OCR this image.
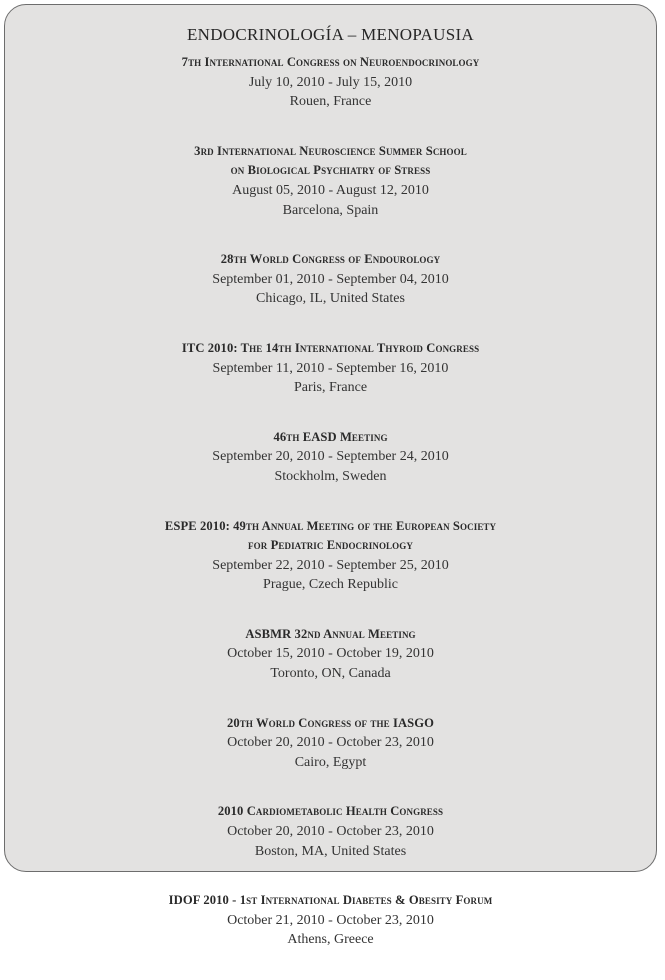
ENDOCRINOLOGÍA – MENOPAUSIA
7th International Congress on Neuroendocrinology
July 10, 2010 - July 15, 2010
Rouen, France
3rd International Neuroscience Summer School
on Biological Psychiatry of Stress
August 05, 2010 - August 12, 2010
Barcelona, Spain
28th World Congress of Endourology
September 01, 2010 - September 04, 2010
Chicago, IL, United States
ITC 2010: The 14th International Thyroid Congress
September 11, 2010 - September 16, 2010
Paris, France
46th EASD Meeting
September 20, 2010 - September 24, 2010
Stockholm, Sweden
ESPE 2010: 49th Annual Meeting of the European Society
for Pediatric Endocrinology
September 22, 2010 - September 25, 2010
Prague, Czech Republic
ASBMR 32nd Annual Meeting
October 15, 2010 - October 19, 2010
Toronto, ON, Canada
20th World Congress of the IASGO
October 20, 2010 - October 23, 2010
Cairo, Egypt
2010 Cardiometabolic Health Congress
October 20, 2010 - October 23, 2010
Boston, MA, United States
IDOF 2010 - 1st International Diabetes & Obesity Forum
October 21, 2010 - October 23, 2010
Athens, Greece
